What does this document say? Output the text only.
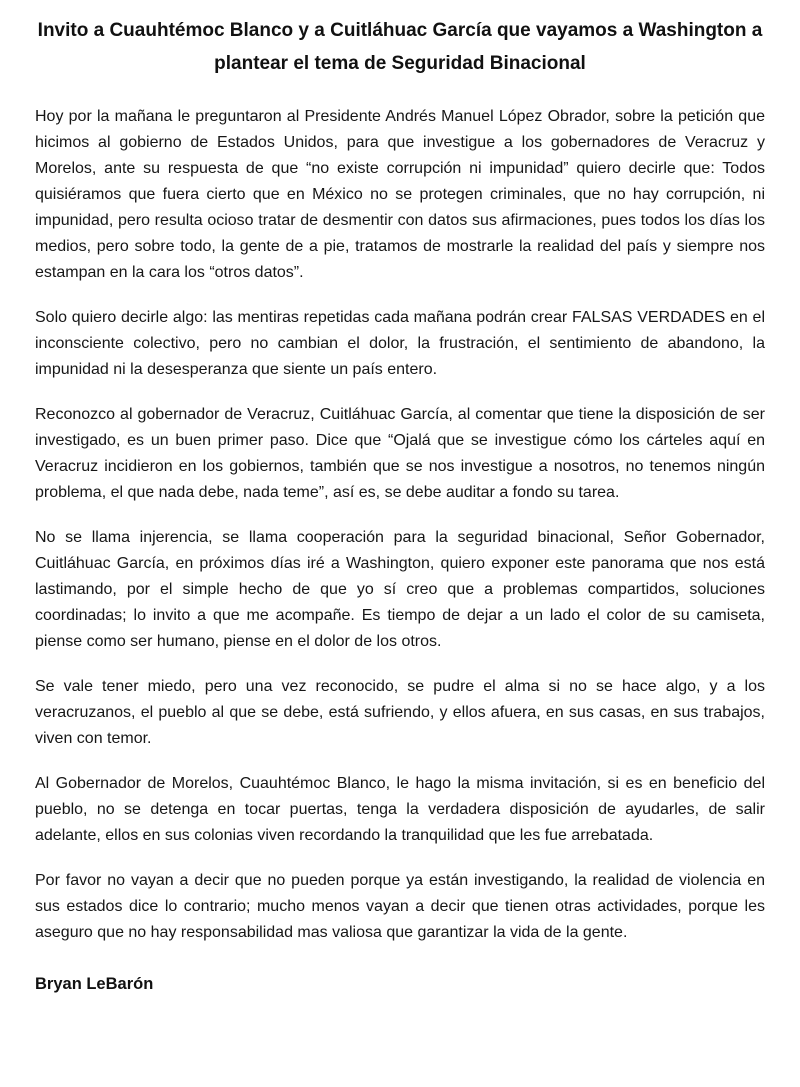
Invito a Cuauhtémoc Blanco y a Cuitláhuac García que vayamos a Washington a plantear el tema de Seguridad Binacional

Hoy por la mañana le preguntaron al Presidente Andrés Manuel López Obrador, sobre la petición que hicimos al gobierno de Estados Unidos, para que investigue a los gobernadores de Veracruz y Morelos, ante su respuesta de que “no existe corrupción ni impunidad” quiero decirle que: Todos quisiéramos que fuera cierto que en México no se protegen criminales, que no hay corrupción, ni impunidad, pero resulta ocioso tratar de desmentir con datos sus afirmaciones, pues todos los días los medios, pero sobre todo, la gente de a pie, tratamos de mostrarle la realidad del país y siempre nos estampan en la cara los “otros datos”.

Solo quiero decirle algo: las mentiras repetidas cada mañana podrán crear FALSAS VERDADES en el inconsciente colectivo, pero no cambian el dolor, la frustración, el sentimiento de abandono, la impunidad ni la desesperanza que siente un país entero.

Reconozco al gobernador de Veracruz, Cuitláhuac García, al comentar que tiene la disposición de ser investigado, es un buen primer paso. Dice que “Ojalá que se investigue cómo los cárteles aquí en Veracruz incidieron en los gobiernos, también que se nos investigue a nosotros, no tenemos ningún problema, el que nada debe, nada teme”, así es, se debe auditar a fondo su tarea.

No se llama injerencia, se llama cooperación para la seguridad binacional, Señor Gobernador, Cuitláhuac García, en próximos días iré a Washington, quiero exponer este panorama que nos está lastimando, por el simple hecho de que yo sí creo que a problemas compartidos, soluciones coordinadas; lo invito a que me acompañe. Es tiempo de dejar a un lado el color de su camiseta, piense como ser humano, piense en el dolor de los otros.

Se vale tener miedo, pero una vez reconocido, se pudre el alma si no se hace algo, y a los veracruzanos, el pueblo al que se debe, está sufriendo, y ellos afuera, en sus casas, en sus trabajos, viven con temor.

Al Gobernador de Morelos, Cuauhtémoc Blanco, le hago la misma invitación, si es en beneficio del pueblo, no se detenga en tocar puertas, tenga la verdadera disposición de ayudarles, de salir adelante, ellos en sus colonias viven recordando la tranquilidad que les fue arrebatada.

Por favor no vayan a decir que no pueden porque ya están investigando, la realidad de violencia en sus estados dice lo contrario; mucho menos vayan a decir que tienen otras actividades, porque les aseguro que no hay responsabilidad mas valiosa que garantizar la vida de la gente.

Bryan LeBarón
